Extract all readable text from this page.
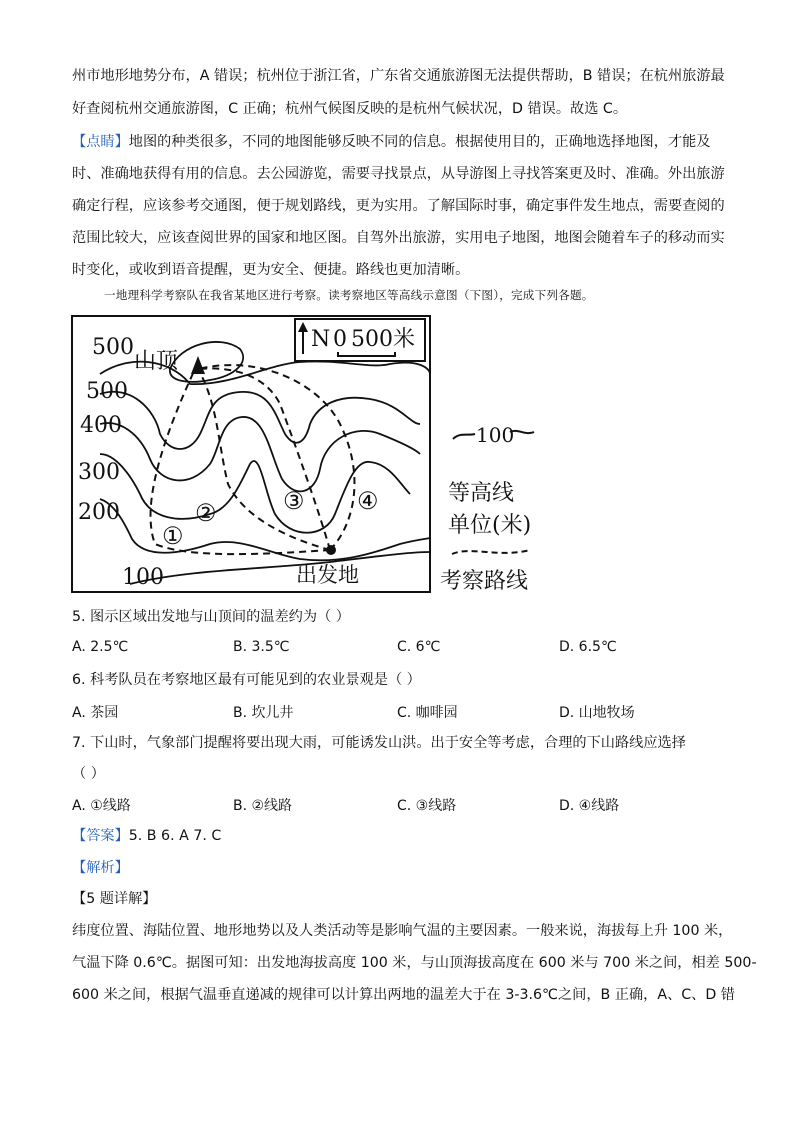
州市地形地势分布，A 错误；杭州位于浙江省，广东省交通旅游图无法提供帮助，B 错误；在杭州旅游最
好查阅杭州交通旅游图，C 正确；杭州气候图反映的是杭州气候状况，D 错误。故选 C。
【点睛】地图的种类很多，不同的地图能够反映不同的信息。根据使用目的，正确地选择地图，才能及
时、准确地获得有用的信息。去公园游览，需要寻找景点，从导游图上寻找答案更及时、准确。外出旅游
确定行程，应该参考交通图，便于规划路线，更为实用。了解国际时事，确定事件发生地点，需要查阅的
范围比较大，应该查阅世界的国家和地区图。自驾外出旅游，实用电子地图，地图会随着车子的移动而实
时变化，或收到语音提醒，更为安全、便捷。路线也更加清晰。
一地理科学考察队在我省某地区进行考察。读考察地区等高线示意图（下图），完成下列各题。
N 0 500米
500
山顶
500
400
300
200
100
①
②	③ ④
出发地
100
等高线
单位(米)
考察路线
5. 图示区域出发地与山顶间的温差约为（ ）
A. 2.5℃	B. 3.5℃	C. 6℃	D. 6.5℃
6. 科考队员在考察地区最有可能见到的农业景观是（ ）
A. 茶园	B. 坎儿井	C. 咖啡园	D. 山地牧场
7. 下山时，气象部门提醒将要出现大雨，可能诱发山洪。出于安全等考虑，合理的下山路线应选择
（ ）
A. ①线路	B. ②线路	C. ③线路	D. ④线路
【答案】5. B 6. A 7. C
【解析】
【5 题详解】
纬度位置、海陆位置、地形地势以及人类活动等是影响气温的主要因素。一般来说，海拔每上升 100 米，
气温下降 0.6℃。据图可知：出发地海拔高度 100 米，与山顶海拔高度在 600 米与 700 米之间，相差 500-
600 米之间，根据气温垂直递减的规律可以计算出两地的温差大于在 3-3.6℃之间，B 正确，A、C、D 错
